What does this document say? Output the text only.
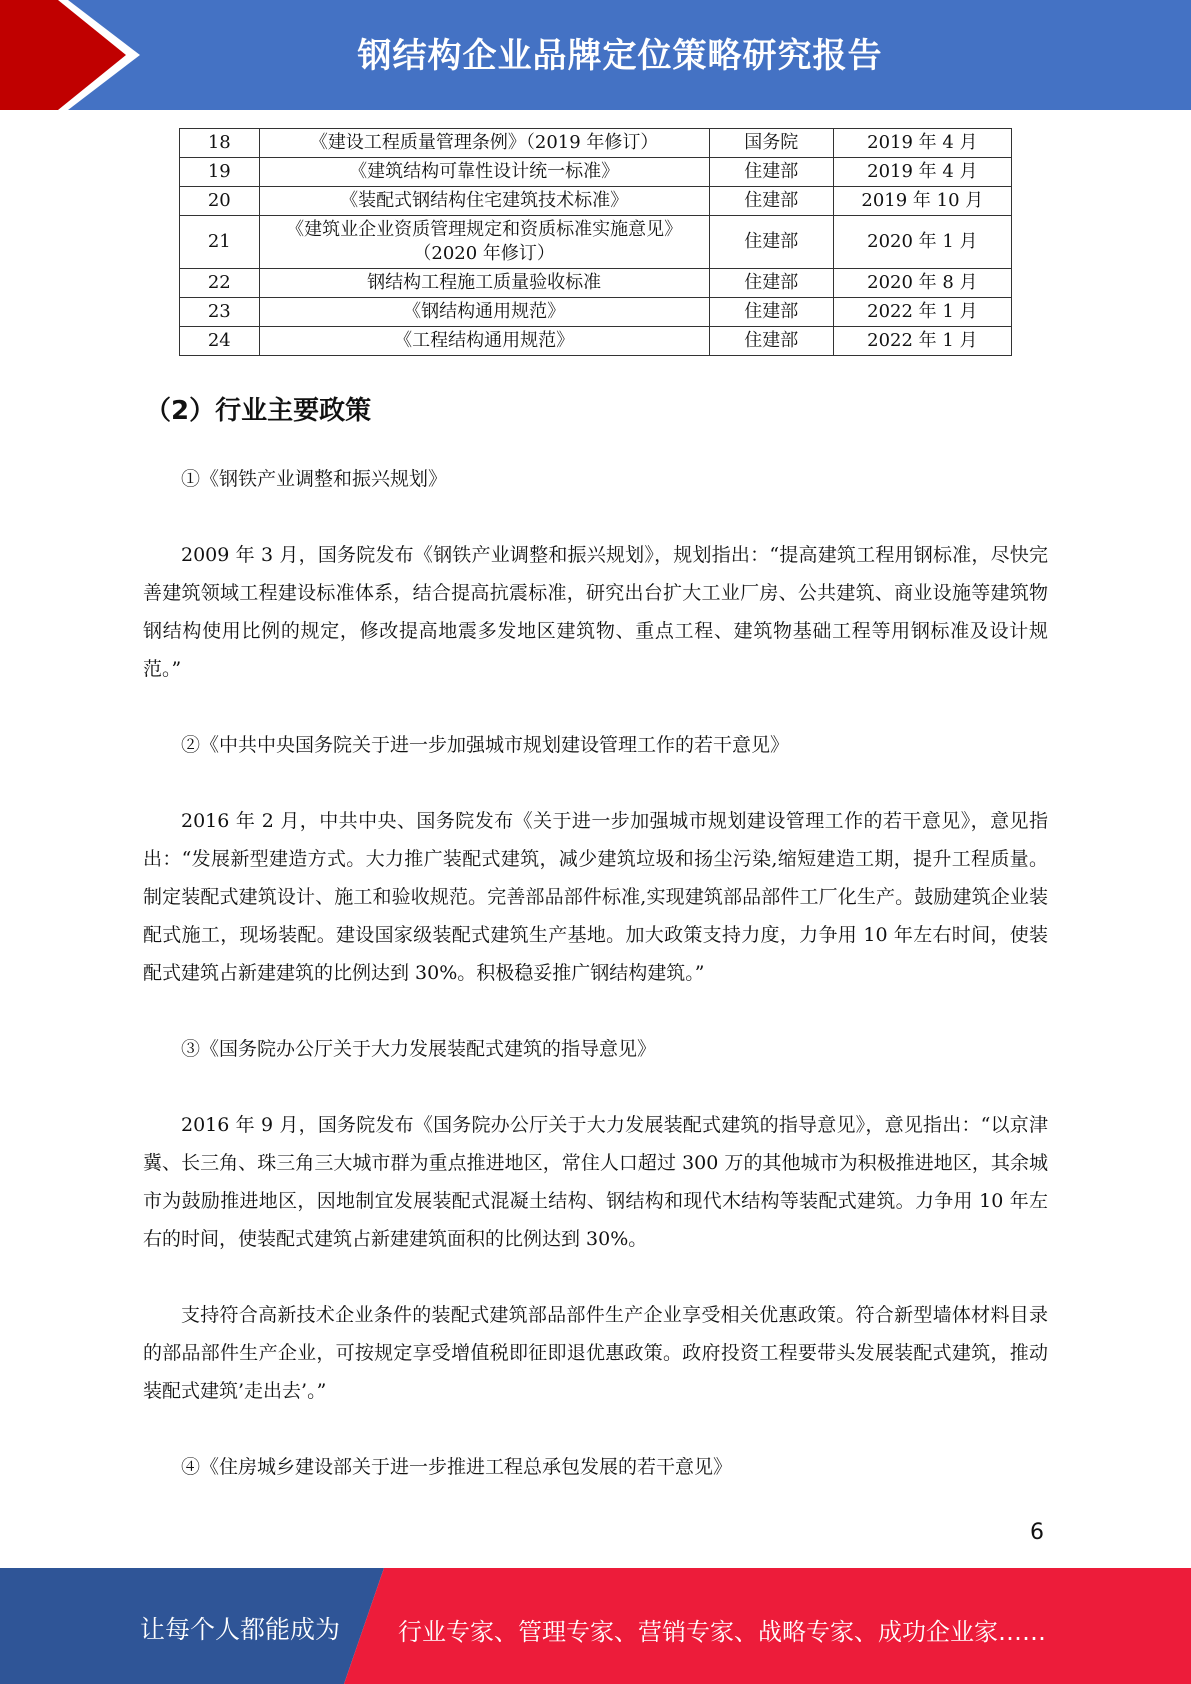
钢结构企业品牌定位策略研究报告
18	《建设工程质量管理条例》（2019 年修订）	国务院	2019 年 4 月
19	《建筑结构可靠性设计统一标准》	住建部	2019 年 4 月
20	《装配式钢结构住宅建筑技术标准》	住建部	2019 年 10 月
21	《建筑业企业资质管理规定和资质标准实施意见》（2020 年修订）	住建部	2020 年 1 月
22	钢结构工程施工质量验收标准	住建部	2020 年 8 月
23	《钢结构通用规范》	住建部	2022 年 1 月
24	《工程结构通用规范》	住建部	2022 年 1 月
（2）行业主要政策

①《钢铁产业调整和振兴规划》

2009 年 3 月，国务院发布《钢铁产业调整和振兴规划》，规划指出：“提高建筑工程用钢标准，尽快完善建筑领域工程建设标准体系，结合提高抗震标准，研究出台扩大工业厂房、公共建筑、商业设施等建筑物钢结构使用比例的规定，修改提高地震多发地区建筑物、重点工程、建筑物基础工程等用钢标准及设计规范。”

②《中共中央国务院关于进一步加强城市规划建设管理工作的若干意见》

2016 年 2 月，中共中央、国务院发布《关于进一步加强城市规划建设管理工作的若干意见》，意见指出：“发展新型建造方式。大力推广装配式建筑，减少建筑垃圾和扬尘污染,缩短建造工期，提升工程质量。制定装配式建筑设计、施工和验收规范。完善部品部件标准,实现建筑部品部件工厂化生产。鼓励建筑企业装配式施工，现场装配。建设国家级装配式建筑生产基地。加大政策支持力度，力争用 10 年左右时间，使装配式建筑占新建建筑的比例达到 30%。积极稳妥推广钢结构建筑。”

③《国务院办公厅关于大力发展装配式建筑的指导意见》

2016 年 9 月，国务院发布《国务院办公厅关于大力发展装配式建筑的指导意见》，意见指出：“以京津冀、长三角、珠三角三大城市群为重点推进地区，常住人口超过 300 万的其他城市为积极推进地区，其余城市为鼓励推进地区，因地制宜发展装配式混凝土结构、钢结构和现代木结构等装配式建筑。力争用 10 年左右的时间，使装配式建筑占新建建筑面积的比例达到 30%。

支持符合高新技术企业条件的装配式建筑部品部件生产企业享受相关优惠政策。符合新型墙体材料目录的部品部件生产企业，可按规定享受增值税即征即退优惠政策。政府投资工程要带头发展装配式建筑，推动装配式建筑’走出去’。”

④《住房城乡建设部关于进一步推进工程总承包发展的若干意见》

6
让每个人都能成为 行业专家、管理专家、营销专家、战略专家、成功企业家……
